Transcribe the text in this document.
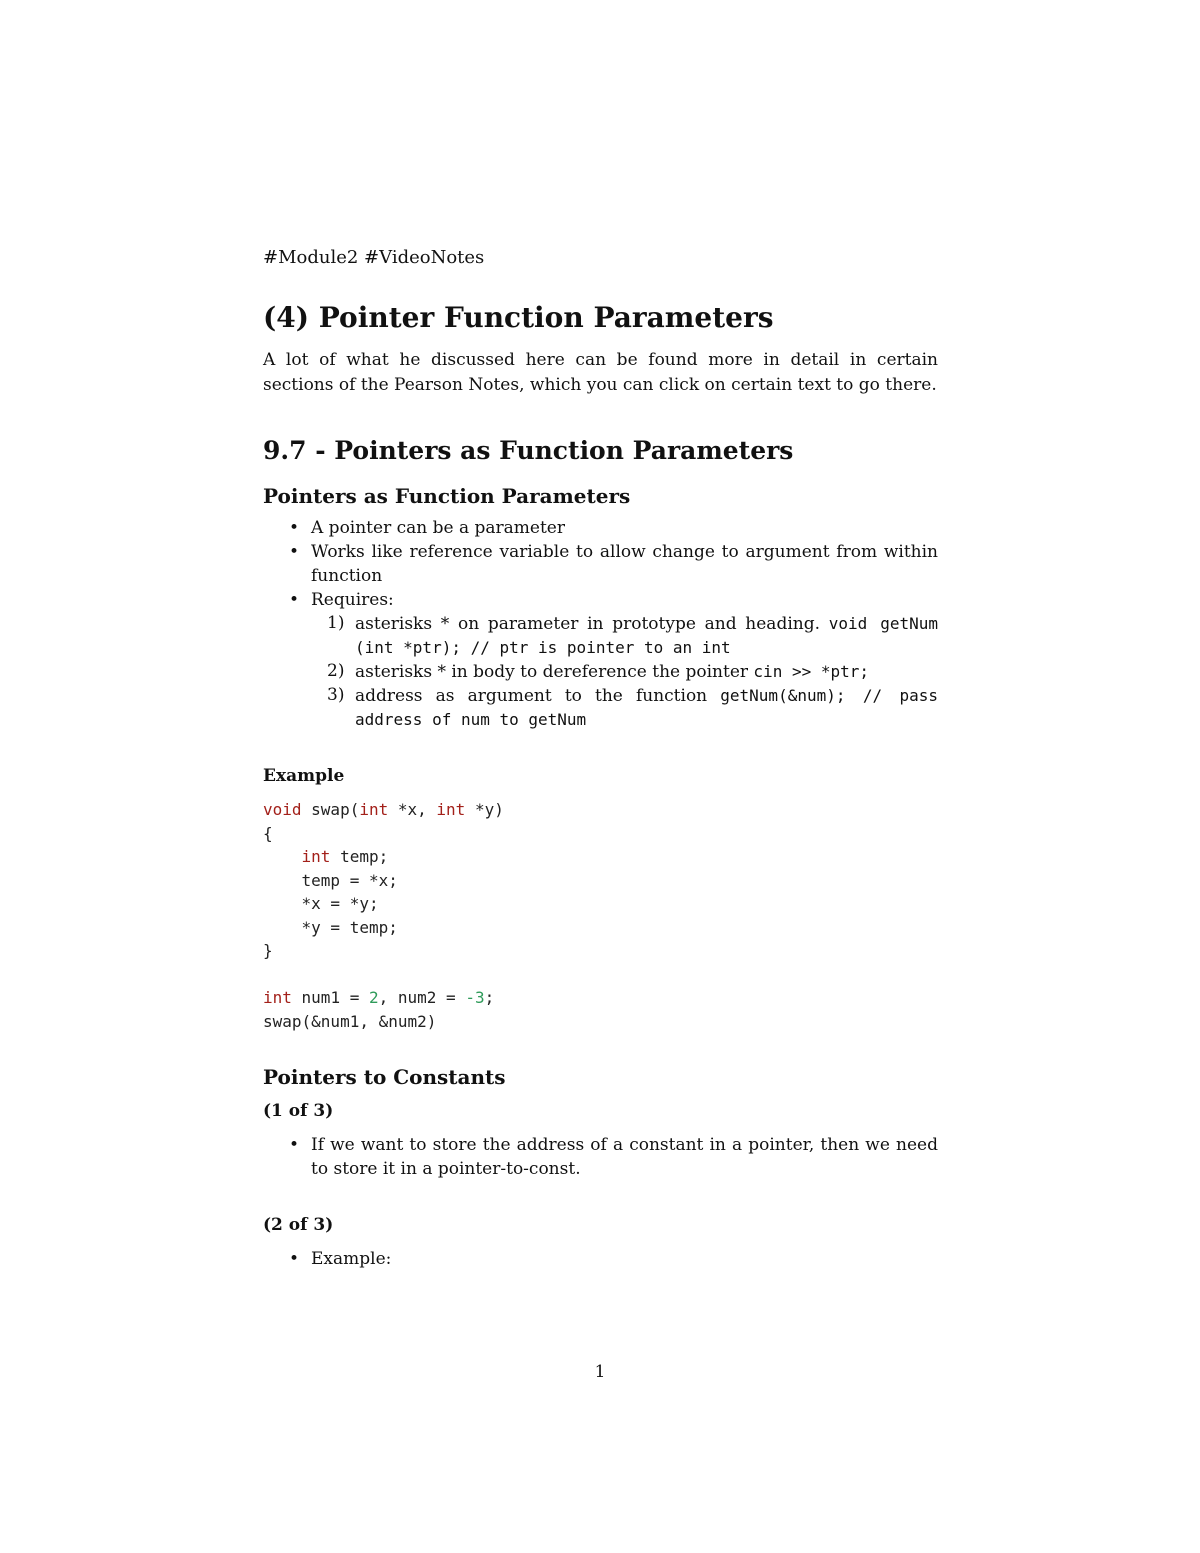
#Module2 #VideoNotes

(4) Pointer Function Parameters

A lot of what he discussed here can be found more in detail in certain sections of the Pearson Notes, which you can click on certain text to go there.

9.7 - Pointers as Function Parameters
Pointers as Function Parameters
• A pointer can be a parameter
• Works like reference variable to allow change to argument from within function
• Requires:
1) asterisks * on parameter in prototype and heading. void getNum (int *ptr); // ptr is pointer to an int
2) asterisks * in body to dereference the pointer cin >> *ptr;
3) address as argument to the function getNum(&num); // pass address of num to getNum
Example
void swap(int *x, int *y)
{
int temp;
temp = *x;
*x = *y;
*y = temp;
}

int num1 = 2, num2 = -3;
swap(&num1, &num2)
Pointers to Constants
(1 of 3)
• If we want to store the address of a constant in a pointer, then we need to store it in a pointer-to-const.
(2 of 3)
• Example:
1
